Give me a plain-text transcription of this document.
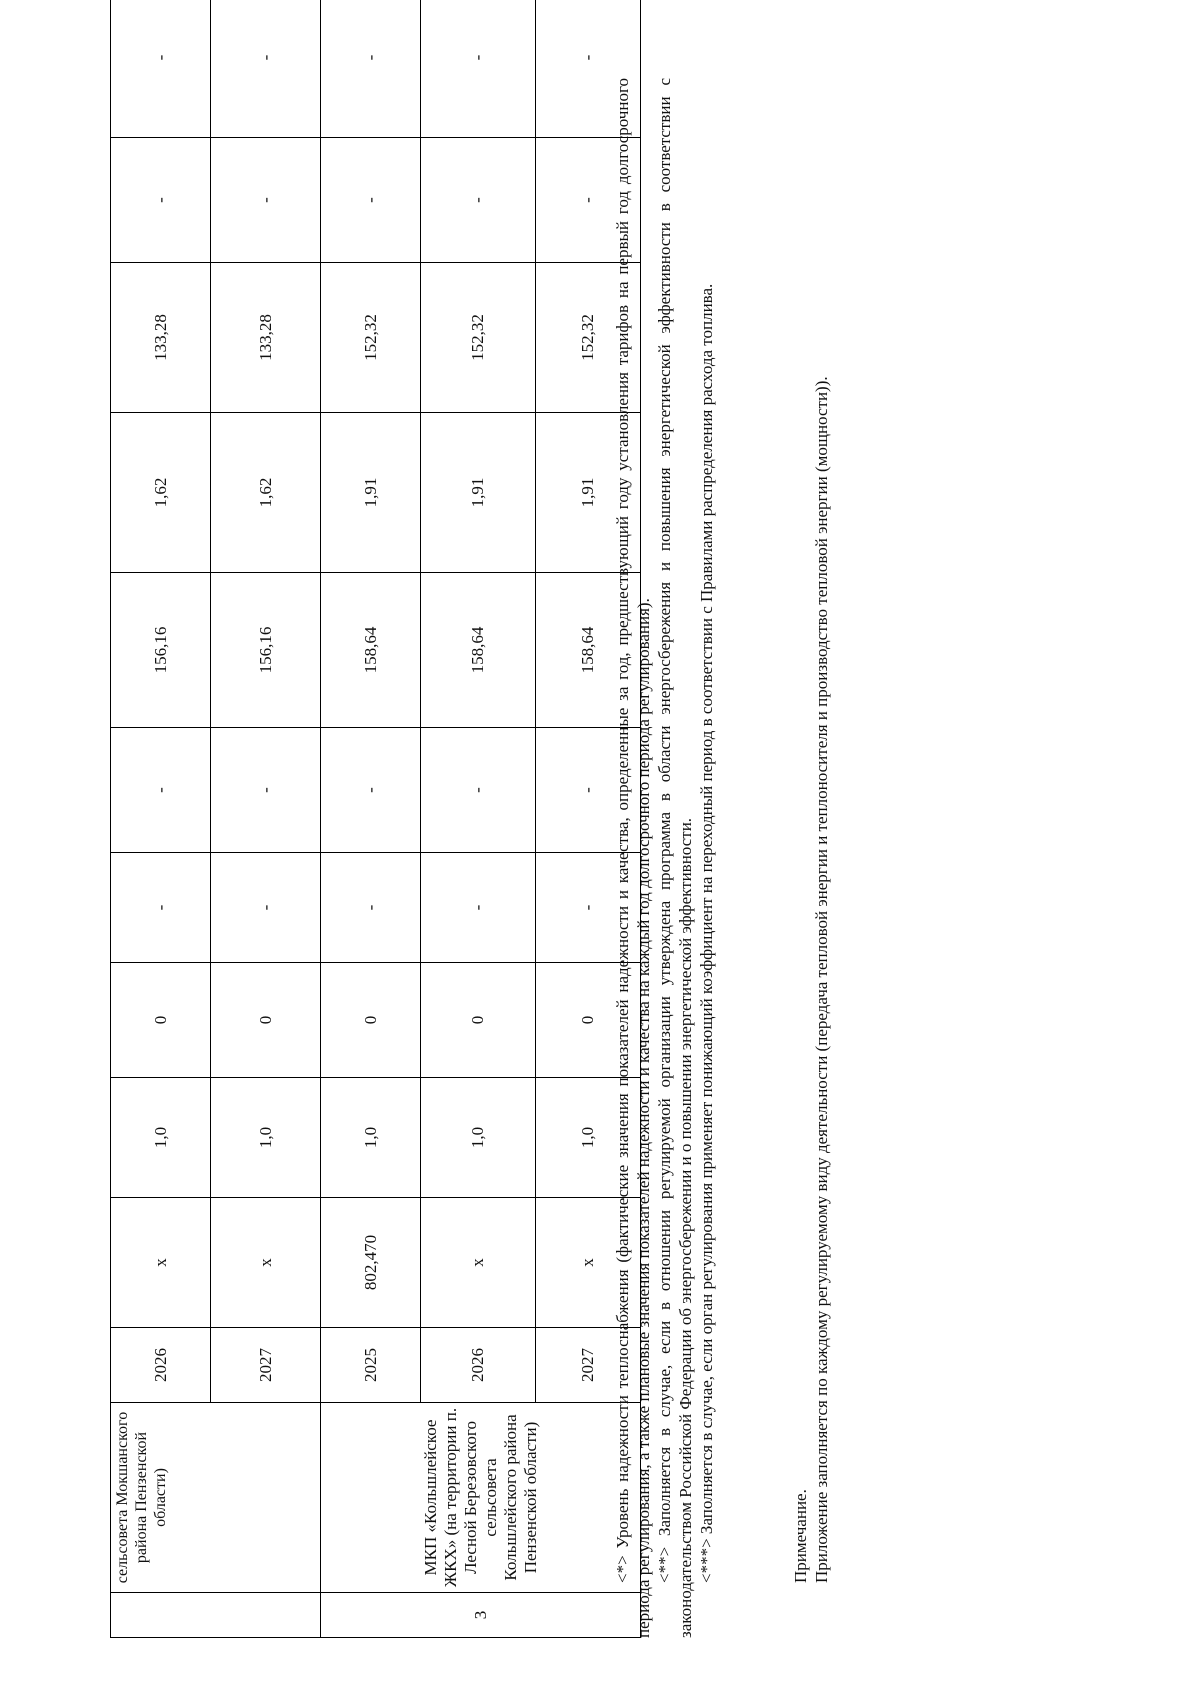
	сельсовета Мокшанского района Пензенской области)	2026	x	1,0	0	-	-	156,16	1,62	133,28	-	-
		2027	x	1,0	0	-	-	156,16	1,62	133,28	-	-
3	МКП «Кольшлейское ЖКХ» (на территории п. Лесной Березовского сельсовета Кольшлейского района Пензенской области)	2025	802,470	1,0	0	-	-	158,64	1,91	152,32	-	-
		2026	x	1,0	0	-	-	158,64	1,91	152,32	-	-
		2027	x	1,0	0	-	-	158,64	1,91	152,32	-	-

<*> Уровень надежности теплоснабжения (фактические значения показателей надежности и качества, определенные за год, предшествующий году установления тарифов на первый год долгосрочного периода регулирования, а также плановые значения показателей надежности и качества на каждый год долгосрочного периода регулирования). <**> Заполняется в случае, если в отношении регулируемой организации утверждена программа в области энергосбережения и повышения энергетической эффективности в соответствии с законодательством Российской Федерации об энергосбережении и о повышении энергетической эффективности. <***> Заполняется в случае, если орган регулирования применяет понижающий коэффициент на переходный период в соответствии с Правилами распределения расхода топлива.	Примечание. Приложение заполняется по каждому регулируемому виду деятельности (передача тепловой энергии и теплоносителя и производство тепловой энергии (мощности)).
